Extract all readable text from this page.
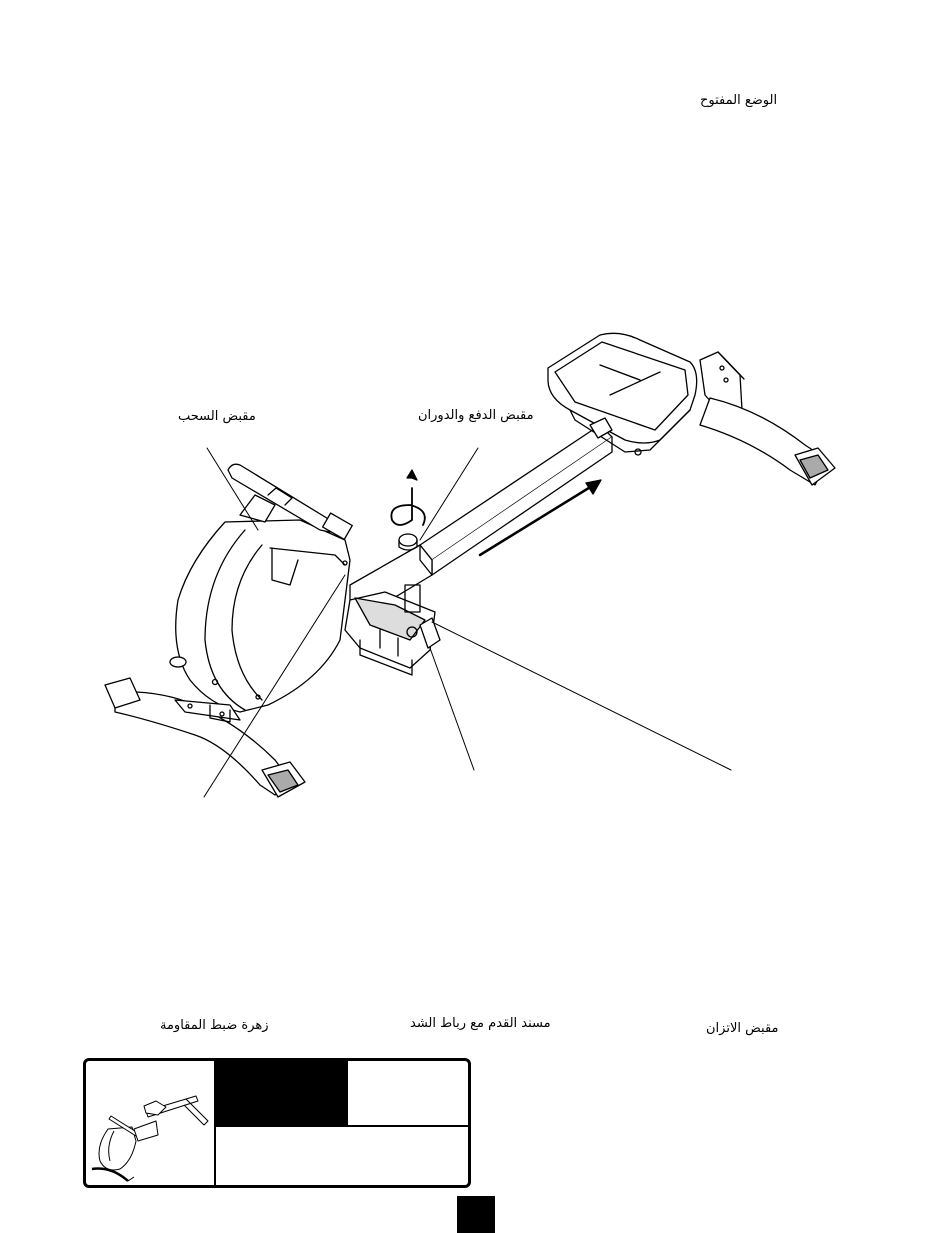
الوضع المفتوح
مقبض السحب	مقبض الدفع والدوران
زهرة ضبط المقاومة	مسند القدم مع رباط الشد	مقبض الاتزان
